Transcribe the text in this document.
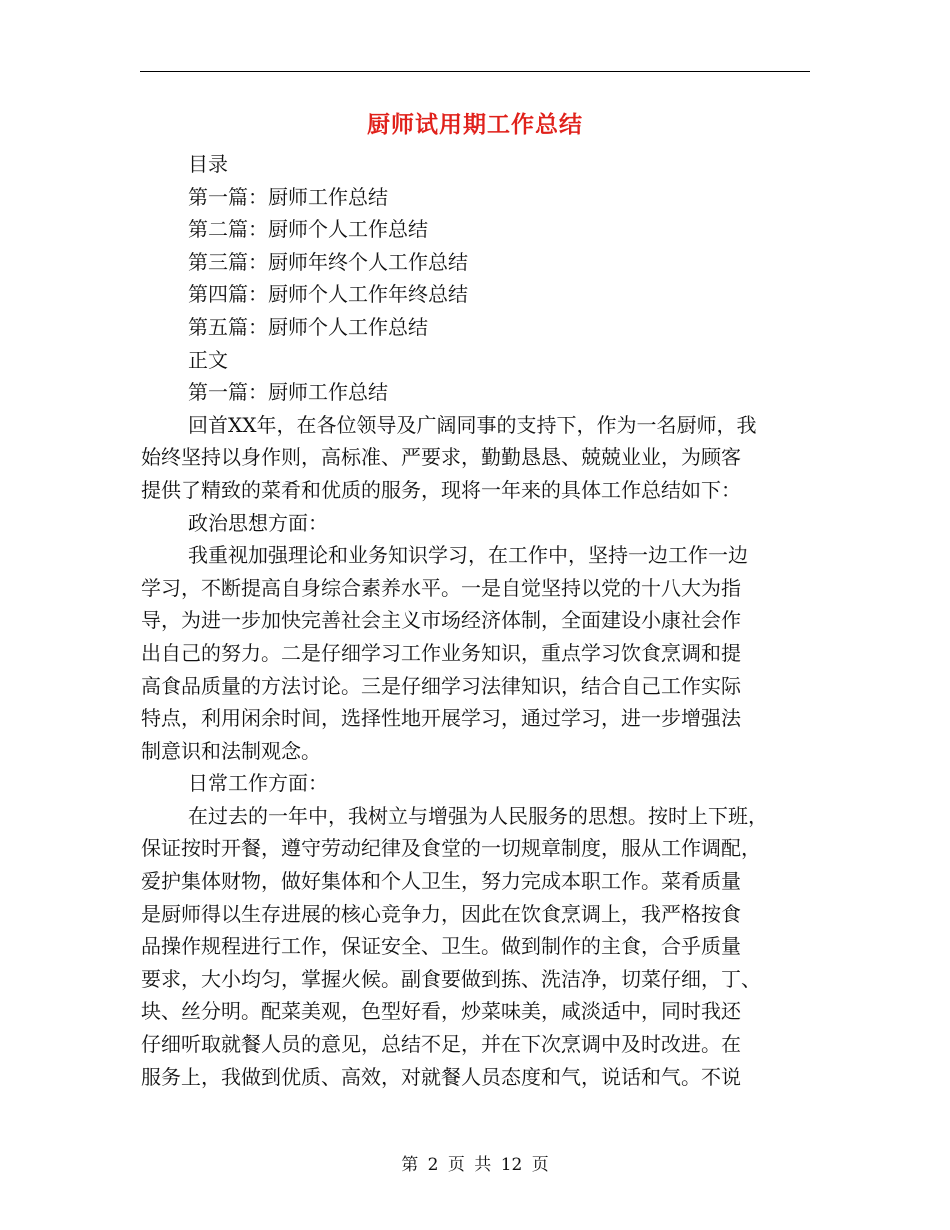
厨师试用期工作总结
目录
第一篇：厨师工作总结
第二篇：厨师个人工作总结
第三篇：厨师年终个人工作总结
第四篇：厨师个人工作年终总结
第五篇：厨师个人工作总结
正文
第一篇：厨师工作总结
回首XX年，在各位领导及广阔同事的支持下，作为一名厨师，我
始终坚持以身作则，高标准、严要求，勤勤恳恳、兢兢业业，为顾客
提供了精致的菜肴和优质的服务，现将一年来的具体工作总结如下：
政治思想方面：
我重视加强理论和业务知识学习，在工作中，坚持一边工作一边
学习，不断提高自身综合素养水平。一是自觉坚持以党的十八大为指
导，为进一步加快完善社会主义市场经济体制，全面建设小康社会作
出自己的努力。二是仔细学习工作业务知识，重点学习饮食烹调和提
高食品质量的方法讨论。三是仔细学习法律知识，结合自己工作实际
特点，利用闲余时间，选择性地开展学习，通过学习，进一步增强法
制意识和法制观念。
日常工作方面：
在过去的一年中，我树立与增强为人民服务的思想。按时上下班，
保证按时开餐，遵守劳动纪律及食堂的一切规章制度，服从工作调配，
爱护集体财物，做好集体和个人卫生，努力完成本职工作。菜肴质量
是厨师得以生存进展的核心竞争力，因此在饮食烹调上，我严格按食
品操作规程进行工作，保证安全、卫生。做到制作的主食，合乎质量
要求，大小均匀，掌握火候。副食要做到拣、洗洁净，切菜仔细，丁、
块、丝分明。配菜美观，色型好看，炒菜味美，咸淡适中，同时我还
仔细听取就餐人员的意见，总结不足，并在下次烹调中及时改进。在
服务上，我做到优质、高效，对就餐人员态度和气，说话和气。不说
第 2 页 共 12 页
